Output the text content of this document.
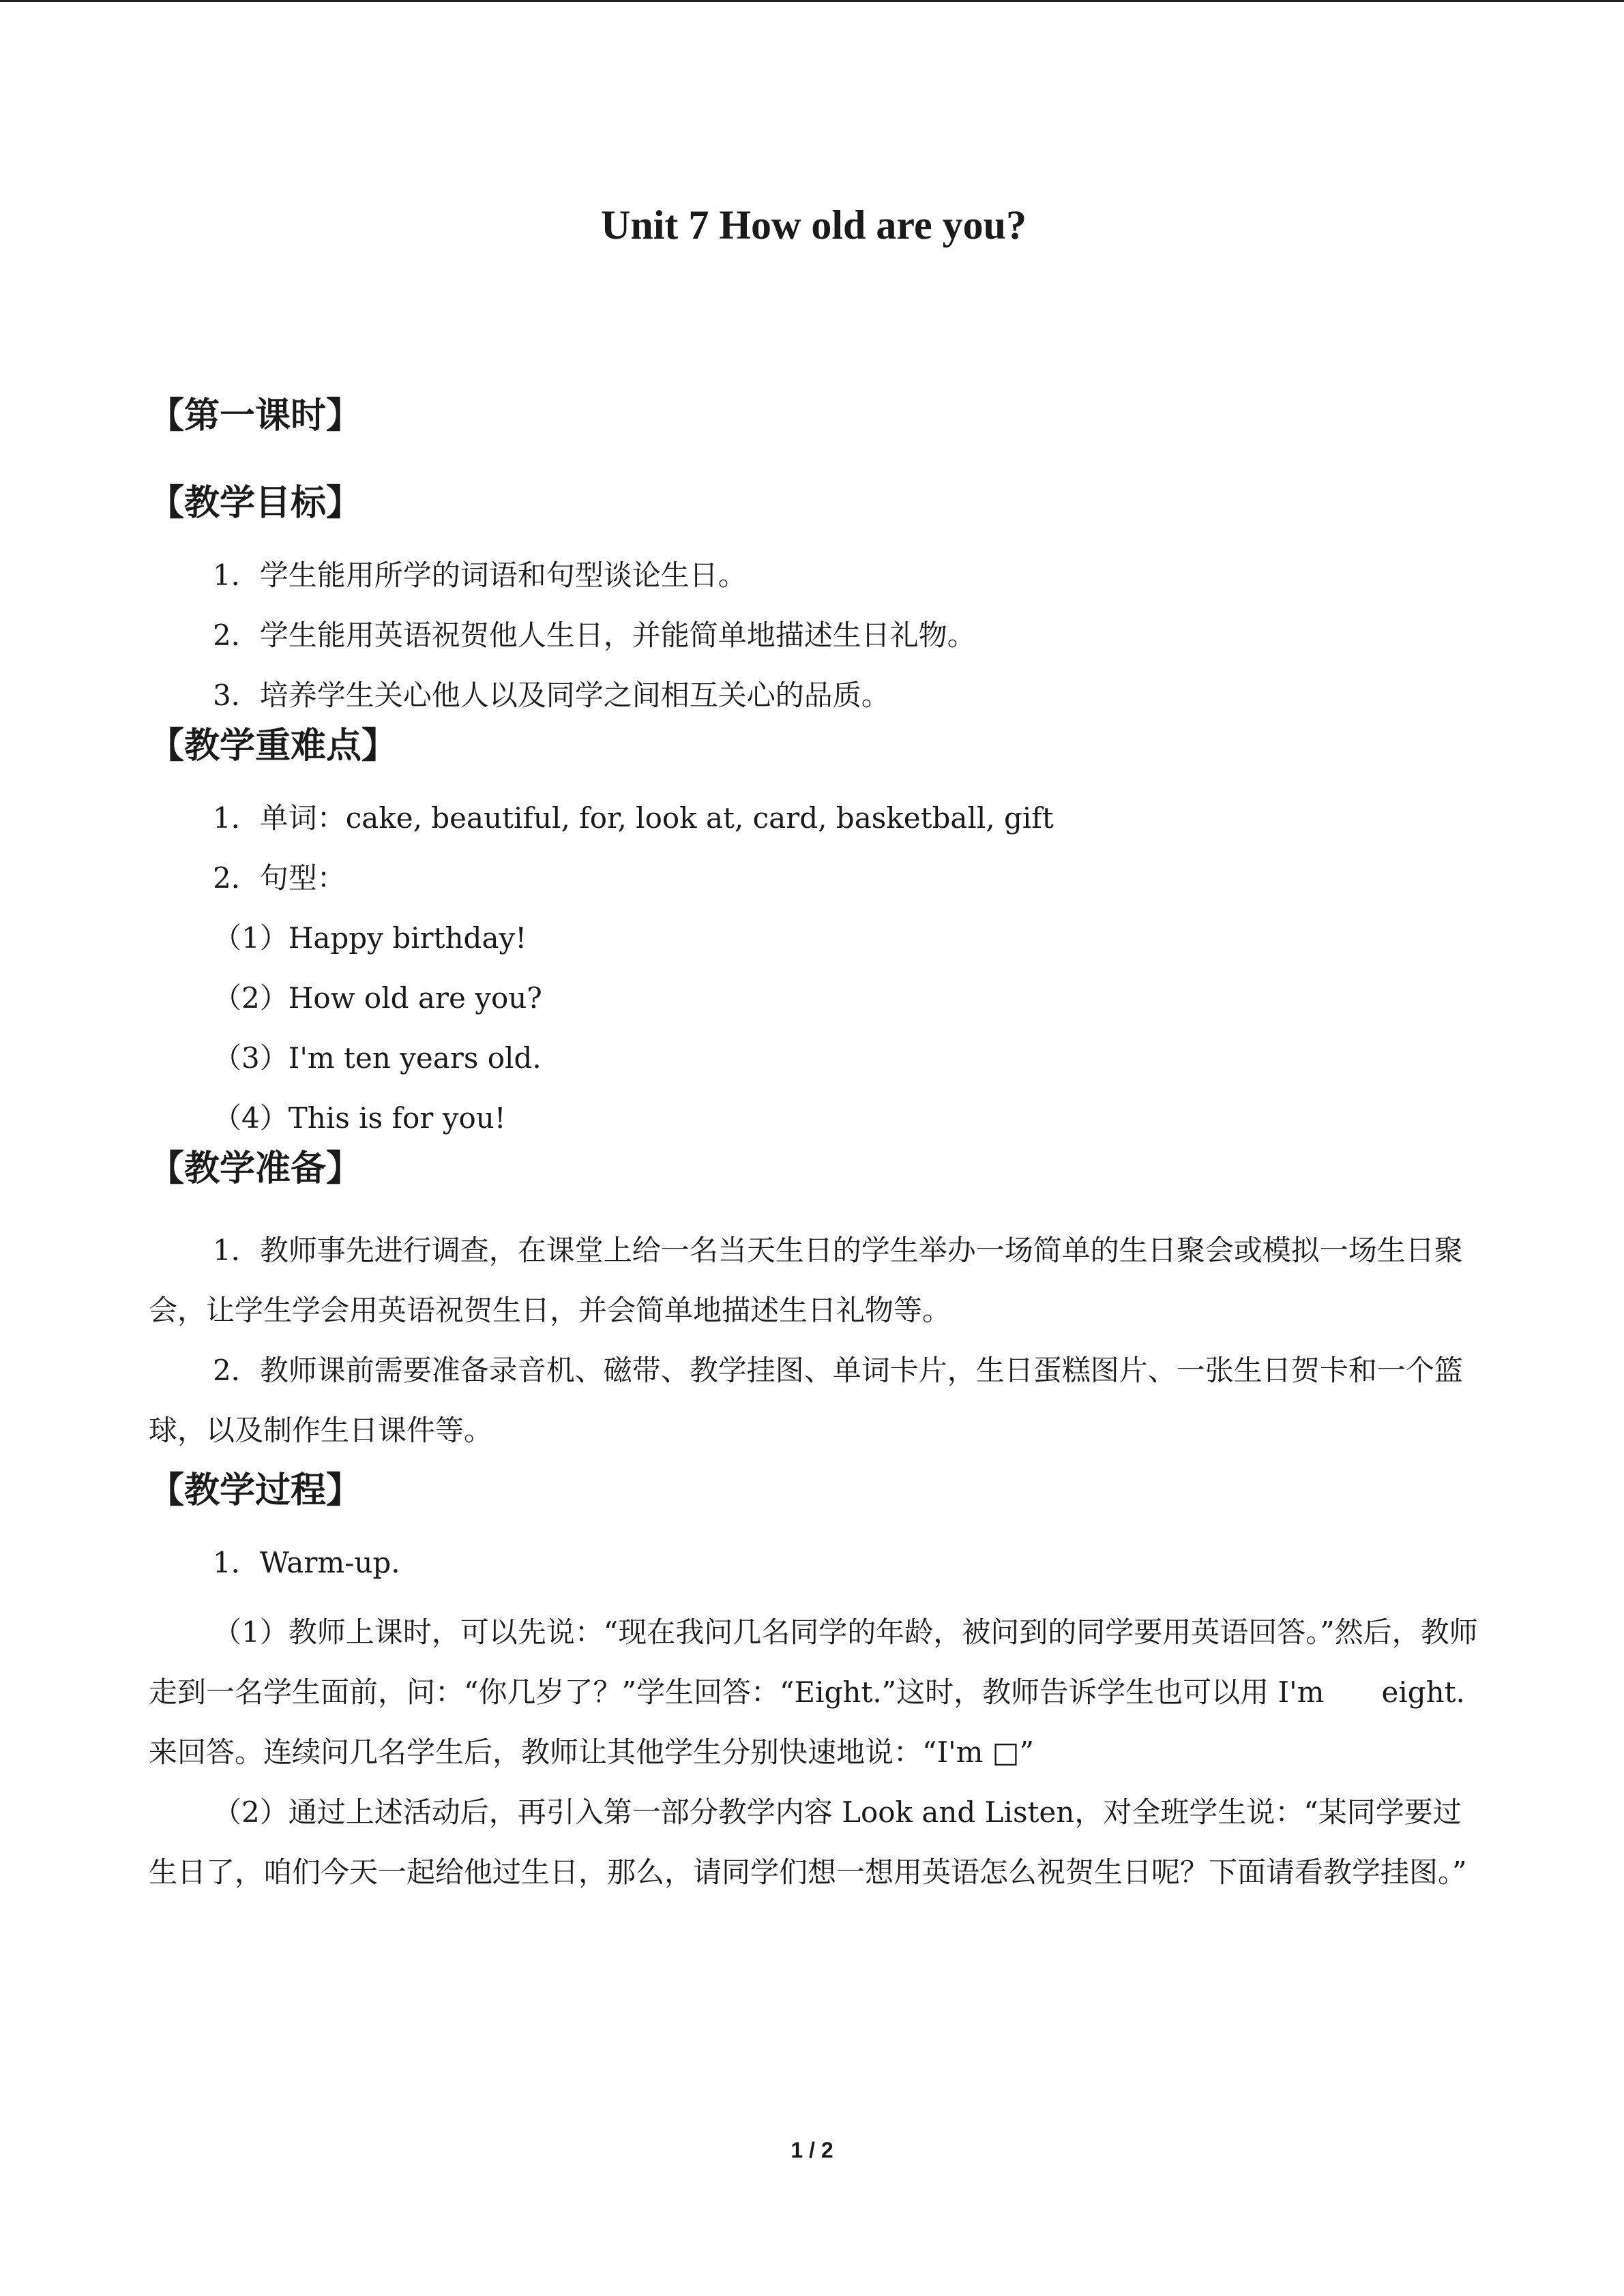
Unit 7 How old are you?

【第一课时】

【教学目标】

1．学生能用所学的词语和句型谈论生日。

2．学生能用英语祝贺他人生日，并能简单地描述生日礼物。

3．培养学生关心他人以及同学之间相互关心的品质。

【教学重难点】

1．单词：cake, beautiful, for, look at, card, basketball, gift

2．句型：

（1）Happy birthday!

（2）How old are you?

（3）I'm ten years old.

（4）This is for you!

【教学准备】

1．教师事先进行调查，在课堂上给一名当天生日的学生举办一场简单的生日聚会或模拟一场生日聚会，让学生学会用英语祝贺生日，并会简单地描述生日礼物等。

2．教师课前需要准备录音机、磁带、教学挂图、单词卡片，生日蛋糕图片、一张生日贺卡和一个篮球，以及制作生日课件等。

【教学过程】

1．Warm-up.

（1）教师上课时，可以先说：“现在我问几名同学的年龄，被问到的同学要用英语回答。”然后，教师走到一名学生面前，问：“你几岁了？”学生回答：“Eight.”这时，教师告诉学生也可以用 I'm　　eight.来回答。连续问几名学生后，教师让其他学生分别快速地说：“I'm □”

（2）通过上述活动后，再引入第一部分教学内容 Look and Listen，对全班学生说：“某同学要过生日了，咱们今天一起给他过生日，那么，请同学们想一想用英语怎么祝贺生日呢？下面请看教学挂图。”

1 / 2
